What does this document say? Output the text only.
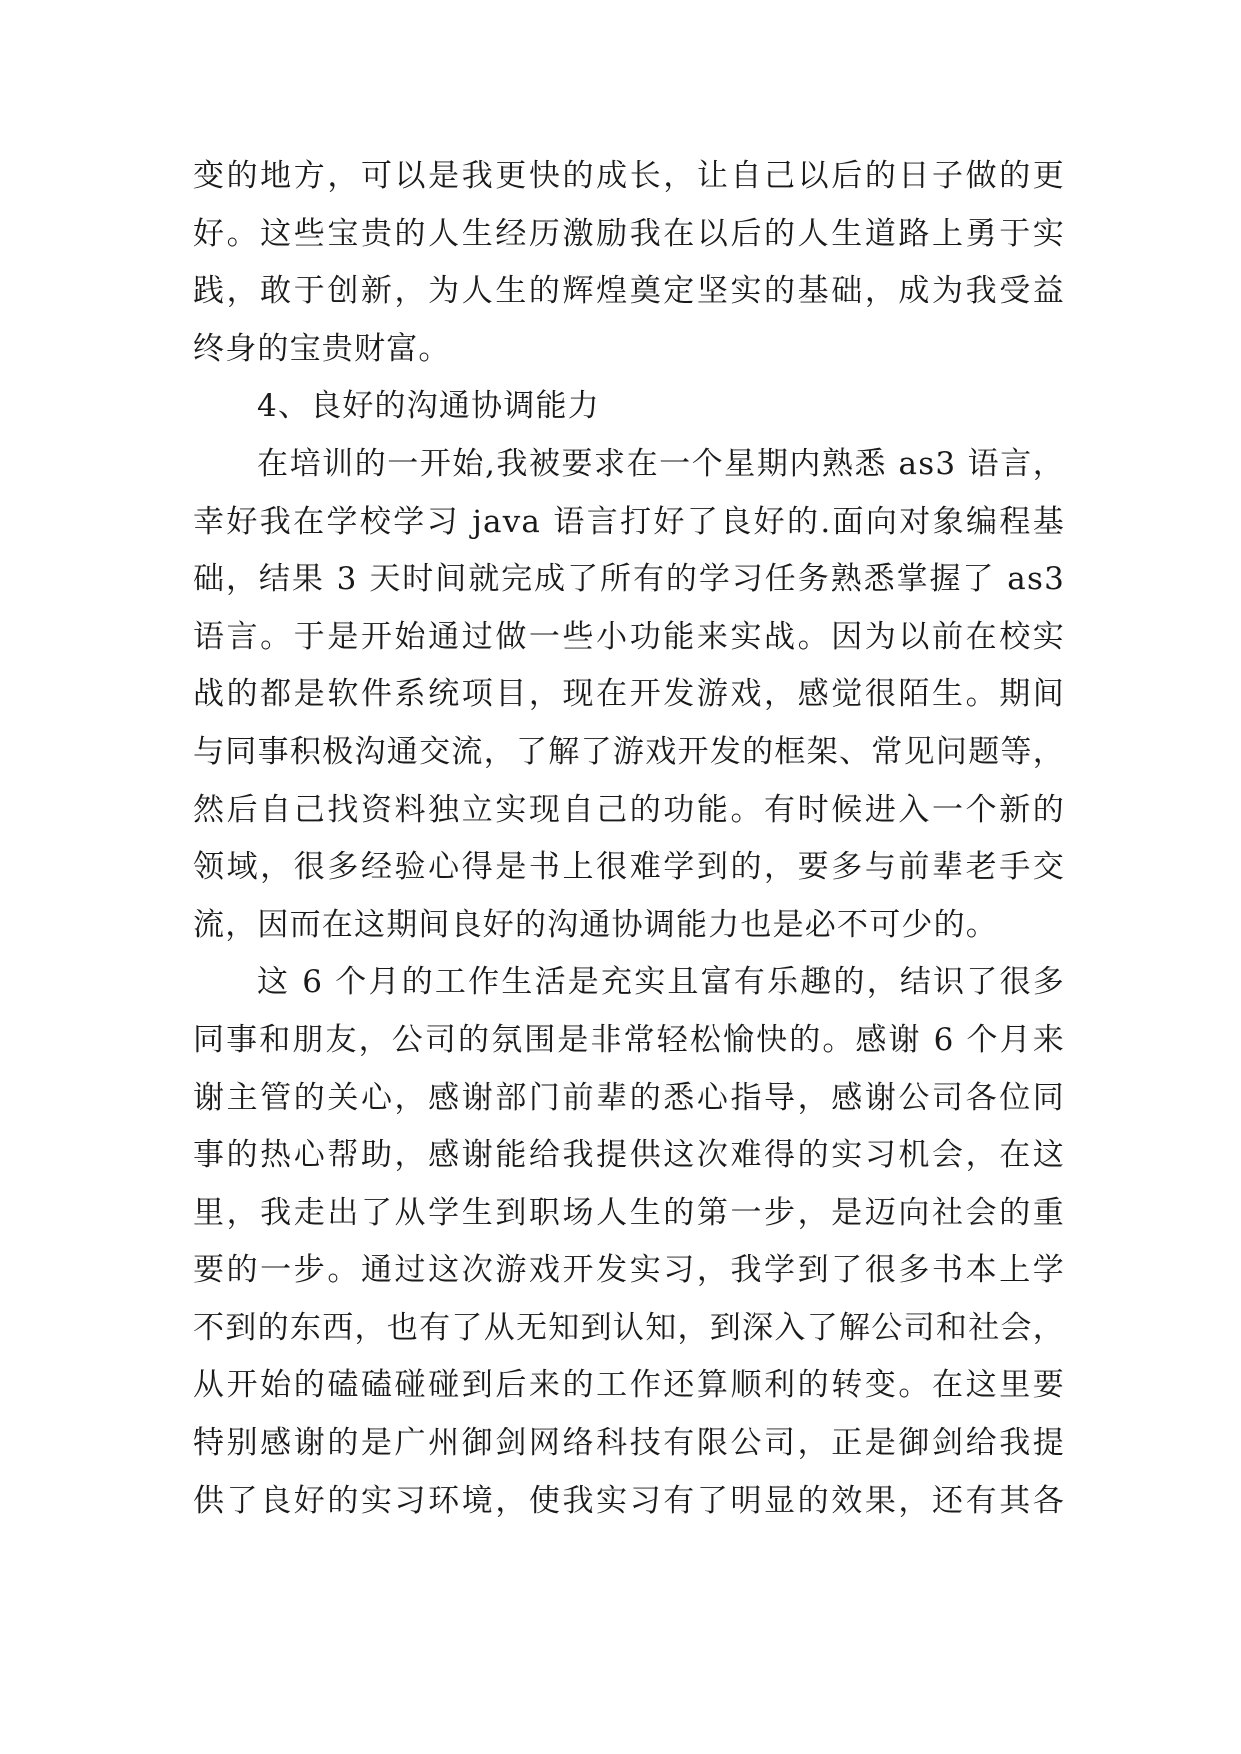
变的地方，可以是我更快的成长，让自己以后的日子做的更
好。这些宝贵的人生经历激励我在以后的人生道路上勇于实
践，敢于创新，为人生的辉煌奠定坚实的基础，成为我受益
终身的宝贵财富。
4、良好的沟通协调能力
在培训的一开始,我被要求在一个星期内熟悉 as3 语言，
幸好我在学校学习 java 语言打好了良好的.面向对象编程基
础，结果 3 天时间就完成了所有的学习任务熟悉掌握了 as3
语言。于是开始通过做一些小功能来实战。因为以前在校实
战的都是软件系统项目，现在开发游戏，感觉很陌生。期间
与同事积极沟通交流，了解了游戏开发的框架、常见问题等，
然后自己找资料独立实现自己的功能。有时候进入一个新的
领域，很多经验心得是书上很难学到的，要多与前辈老手交
流，因而在这期间良好的沟通协调能力也是必不可少的。
这 6 个月的工作生活是充实且富有乐趣的，结识了很多
同事和朋友，公司的氛围是非常轻松愉快的。感谢 6 个月来
谢主管的关心，感谢部门前辈的悉心指导，感谢公司各位同
事的热心帮助，感谢能给我提供这次难得的实习机会，在这
里，我走出了从学生到职场人生的第一步，是迈向社会的重
要的一步。通过这次游戏开发实习，我学到了很多书本上学
不到的东西，也有了从无知到认知，到深入了解公司和社会，
从开始的磕磕碰碰到后来的工作还算顺利的转变。在这里要
特别感谢的是广州御剑网络科技有限公司，正是御剑给我提
供了良好的实习环境，使我实习有了明显的效果，还有其各
